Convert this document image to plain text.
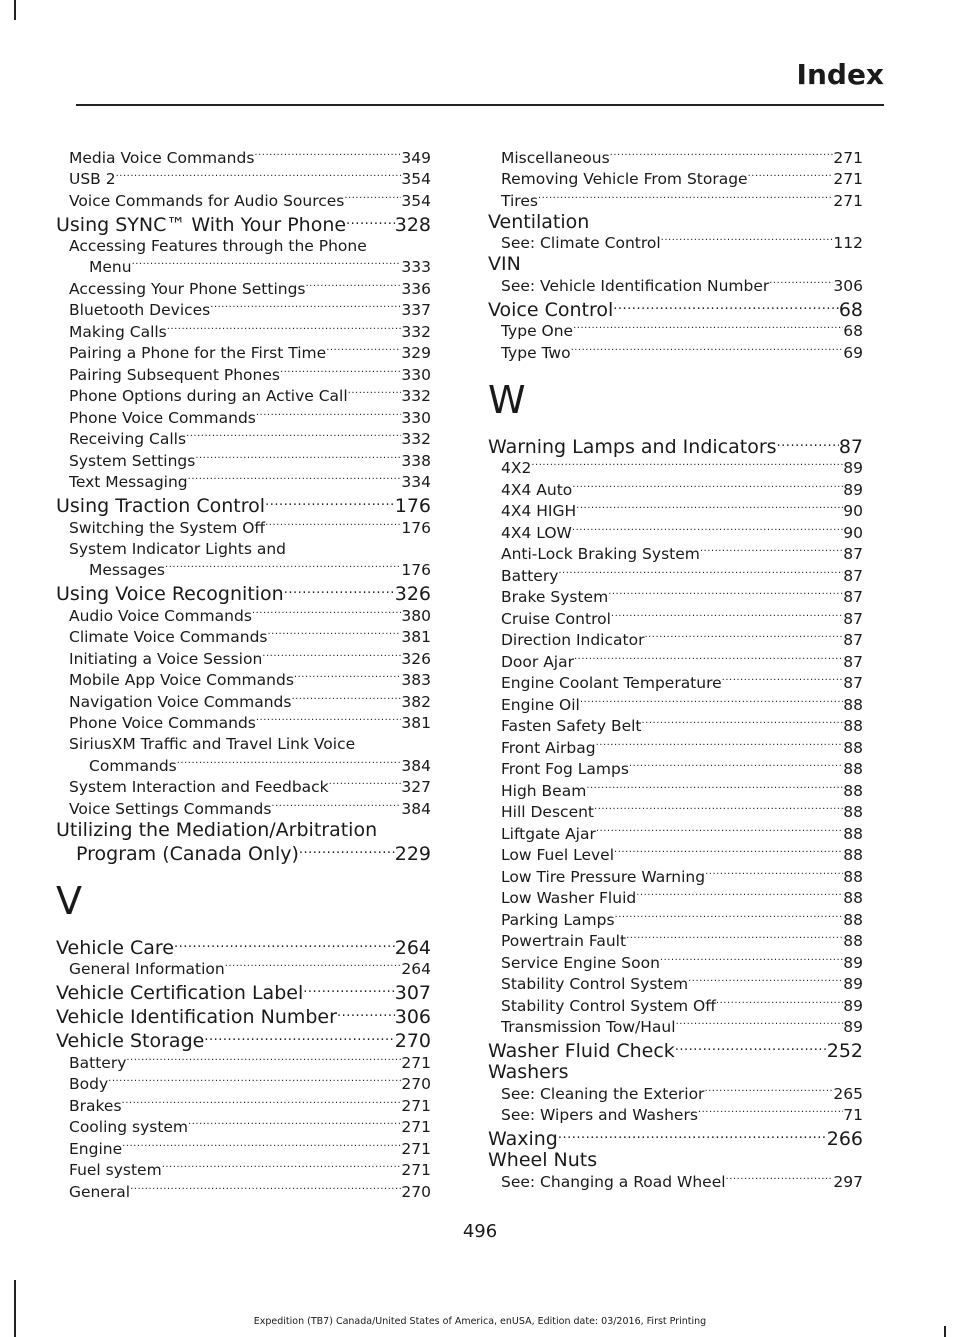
Index
Media Voice Commands .....	349
USB 2 .....	354
Voice Commands for Audio Sources .....	354
Using SYNC™ With Your Phone .....	328
Accessing Features through the Phone
Menu .....	333
Accessing Your Phone Settings .....	336
Bluetooth Devices .....	337
Making Calls .....	332
Pairing a Phone for the First Time .....	329
Pairing Subsequent Phones .....	330
Phone Options during an Active Call .....	332
Phone Voice Commands .....	330
Receiving Calls .....	332
System Settings .....	338
Text Messaging .....	334
Using Traction Control .....	176
Switching the System Off .....	176
System Indicator Lights and
Messages .....	176
Using Voice Recognition .....	326
Audio Voice Commands .....	380
Climate Voice Commands .....	381
Initiating a Voice Session .....	326
Mobile App Voice Commands .....	383
Navigation Voice Commands .....	382
Phone Voice Commands .....	381
SiriusXM Traffic and Travel Link Voice
Commands .....	384
System Interaction and Feedback .....	327
Voice Settings Commands .....	384
Utilizing the Mediation/Arbitration
Program (Canada Only) .....	229
V
Vehicle Care .....	264
General Information .....	264
Vehicle Certification Label .....	307
Vehicle Identification Number .....	306
Vehicle Storage .....	270
Battery .....	271
Body .....	270
Brakes .....	271
Cooling system .....	271
Engine .....	271
Fuel system .....	271
General .....	270
Miscellaneous .....	271
Removing Vehicle From Storage .....	271
Tires .....	271
Ventilation
See: Climate Control .....	112
VIN
See: Vehicle Identification Number .....	306
Voice Control .....	68
Type One .....	68
Type Two .....	69
W
Warning Lamps and Indicators .....	87
4X2 .....	89
4X4 Auto .....	89
4X4 HIGH .....	90
4X4 LOW .....	90
Anti-Lock Braking System .....	87
Battery .....	87
Brake System .....	87
Cruise Control .....	87
Direction Indicator .....	87
Door Ajar .....	87
Engine Coolant Temperature .....	87
Engine Oil .....	88
Fasten Safety Belt .....	88
Front Airbag .....	88
Front Fog Lamps .....	88
High Beam .....	88
Hill Descent .....	88
Liftgate Ajar .....	88
Low Fuel Level .....	88
Low Tire Pressure Warning .....	88
Low Washer Fluid .....	88
Parking Lamps .....	88
Powertrain Fault .....	88
Service Engine Soon .....	89
Stability Control System .....	89
Stability Control System Off .....	89
Transmission Tow/Haul .....	89
Washer Fluid Check .....	252
Washers
See: Cleaning the Exterior .....	265
See: Wipers and Washers .....	71
Waxing .....	266
Wheel Nuts
See: Changing a Road Wheel .....	297
496
Expedition (TB7) Canada/United States of America, enUSA, Edition date: 03/2016, First Printing
